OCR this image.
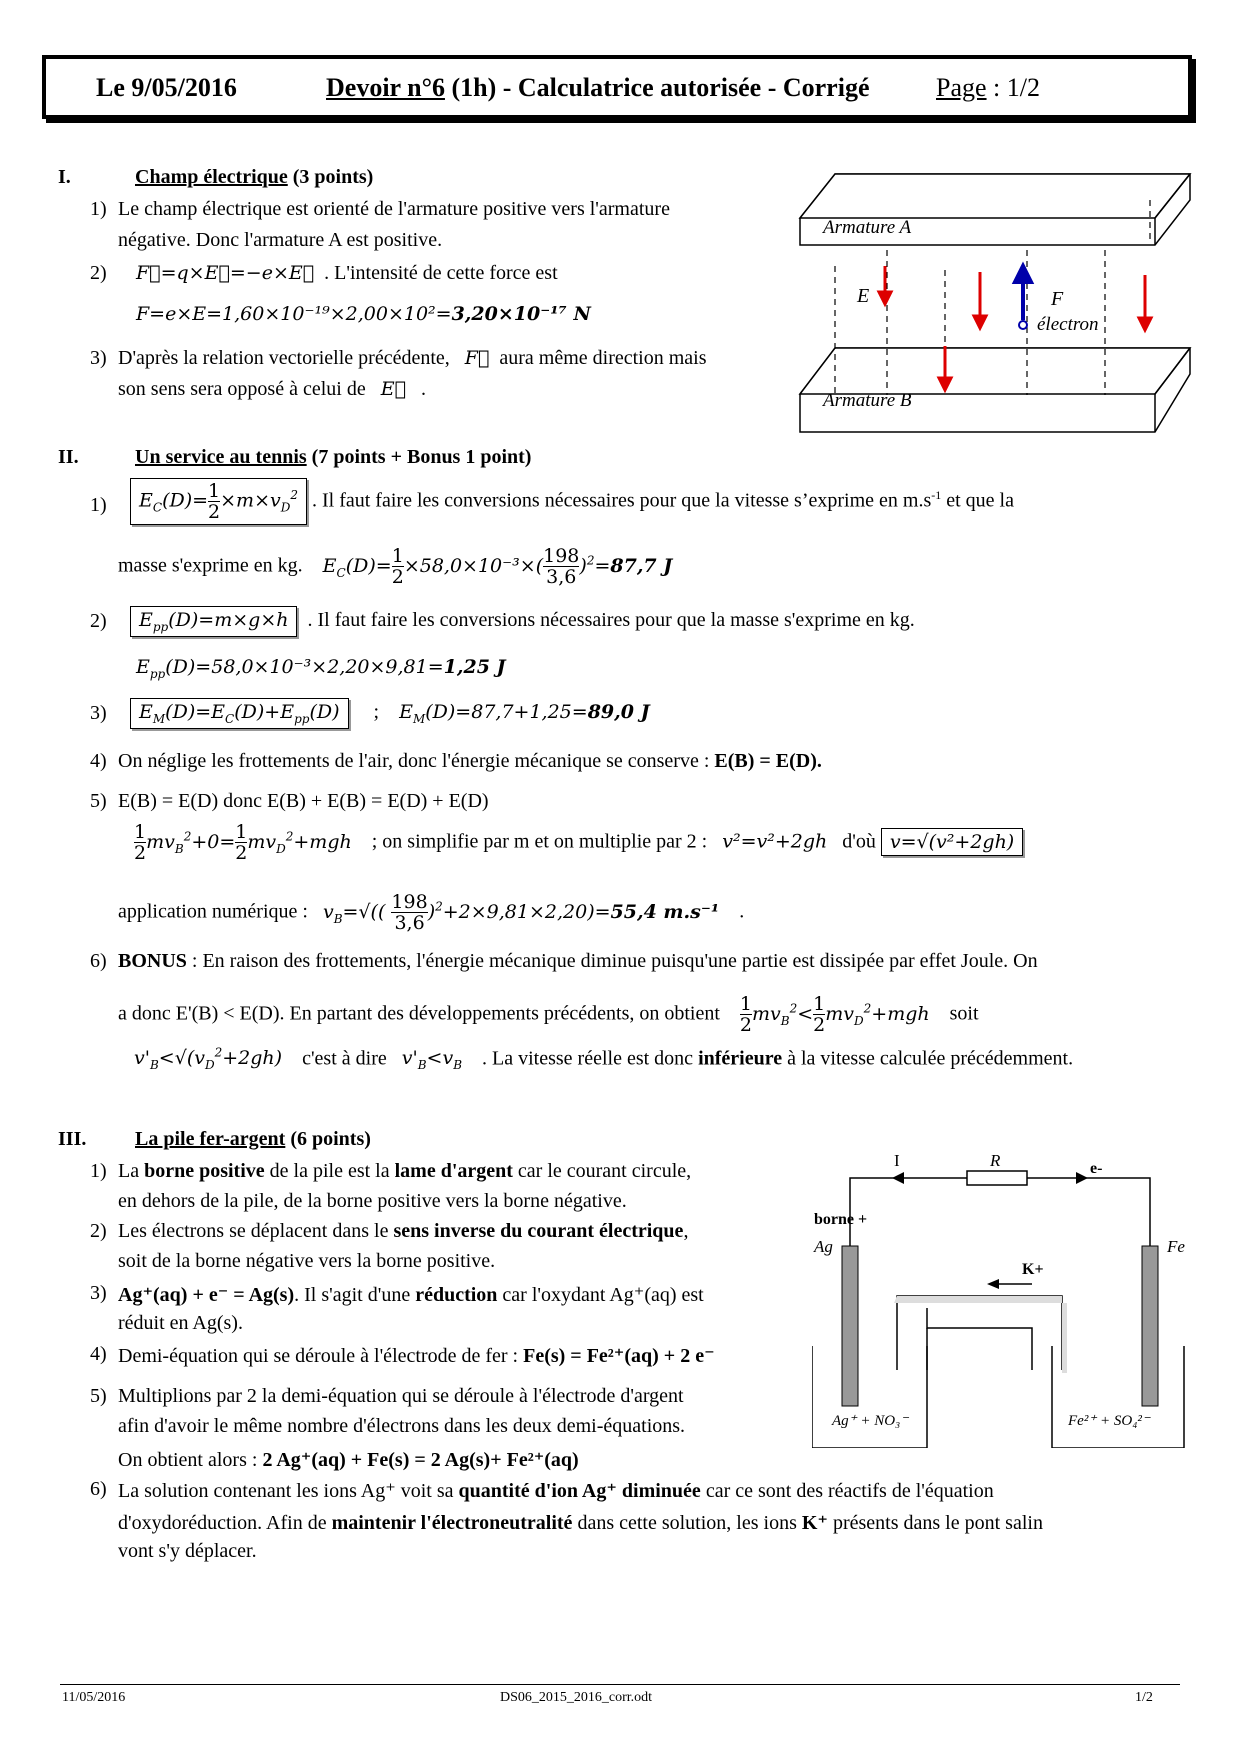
Le 9/05/2016	Devoir n°6 (1h) - Calculatrice autorisée - Corrigé	Page : 1/2
I.	Champ électrique (3 points)
1) Le champ électrique est orienté de l'armature positive vers l'armature
négative. Donc l'armature A est positive.
2) F⃗=q×E⃗=−e×E⃗ . L'intensité de cette force est
F=e×E=1,60×10⁻¹⁹×2,00×10²=3,20×10⁻¹⁷ N
3) D'après la relation vectorielle précédente, F⃗ aura même direction mais
son sens sera opposé à celui de E⃗ .
Armature A
Armature B
E⃗	F⃗
électron
II.	Un service au tennis (7 points + Bonus 1 point)
1)	$E_C(D)= \frac{1}{2} \times m\times v_D^2$ . Il faut faire les conversions nécessaires pour que la vitesse s’exprime en $m.s^{-1}$ et que la
masse s'exprime en kg. $E_C(D)= \frac{1}{2} \times 58,0\times 10^{-3}\times( \frac{198}{3,6} )^2=87,7$ J
2)	$E_{pp}(D)=m\times g\times h$ . Il faut faire les conversions nécessaires pour que la masse s'exprime en kg.
$E_{pp}(D)=58,0\times 10^{-3}\times 2,20\times 9,81=1,25$ J
3)	$E_M(D)=E_C(D)+E_{pp}(D)$ ; $E_M(D)=87,7+1,25=89,0$ J
4) On néglige les frottements de l'air, donc l'énergie mécanique se conserve : E(B) = E(D).
5) E(B) = E(D) donc E(B) + E(B) = E(D) + E(D)
$\frac{1}{2} mv_B^2+0= \frac{1}{2} mv_D^2+mgh$ ; on simplifie par m et on multiplie par 2 : v²=v²+2gh d'où v=√(v²+2gh)
application numérique : $v_B=√(( \frac{198}{3,6} )^2+2\times 9,81\times 2,20)=55,4$ m.s⁻¹    .
6) BONUS : En raison des frottements, l'énergie mécanique diminue puisqu'une partie est dissipée par effet Joule. On
a donc E'(B) < E(D). En partant des développements précédents, on obtient $\frac{1}{2} mv_B^2< \frac{1}{2} mv_D^2+mgh$ soit
$v'_B<√(v_D^2+2gh)$ c'est à dire $v'_B<v_B$ . La vitesse réelle est donc inférieure à la vitesse calculée précédemment.
III. La pile fer-argent (6 points)
1) La borne positive de la pile est la lame d'argent car le courant circule,
en dehors de la pile, de la borne positive vers la borne négative.
2) Les électrons se déplacent dans le sens inverse du courant électrique,
soit de la borne négative vers la borne positive.
3) Ag⁺(aq) + e⁻ = Ag(s). Il s'agit d'une réduction car l'oxydant Ag⁺(aq) est
réduit en Ag(s).
4) Demi-équation qui se déroule à l'électrode de fer : Fe(s) = Fe²⁺(aq) + 2 e⁻
5) Multiplions par 2 la demi-équation qui se déroule à l'électrode d'argent
afin d'avoir le même nombre d'électrons dans les deux demi-équations.
On obtient alors : 2 Ag⁺(aq) + Fe(s) = 2 Ag(s)+ Fe²⁺(aq)
6) La solution contenant les ions Ag⁺ voit sa quantité d'ion Ag⁺ diminuée car ce sont des réactifs de l'équation
d'oxydoréduction. Afin de maintenir l'électroneutralité dans cette solution, les ions K⁺ présents dans le pont salin
vont s'y déplacer.
I	R	e-
borne +
Ag	Fe
K+
Ag⁺ + NO₃⁻	Fe²⁺ + SO₄²⁻
11/05/2016	DS06_2015_2016_corr.odt	1/2
